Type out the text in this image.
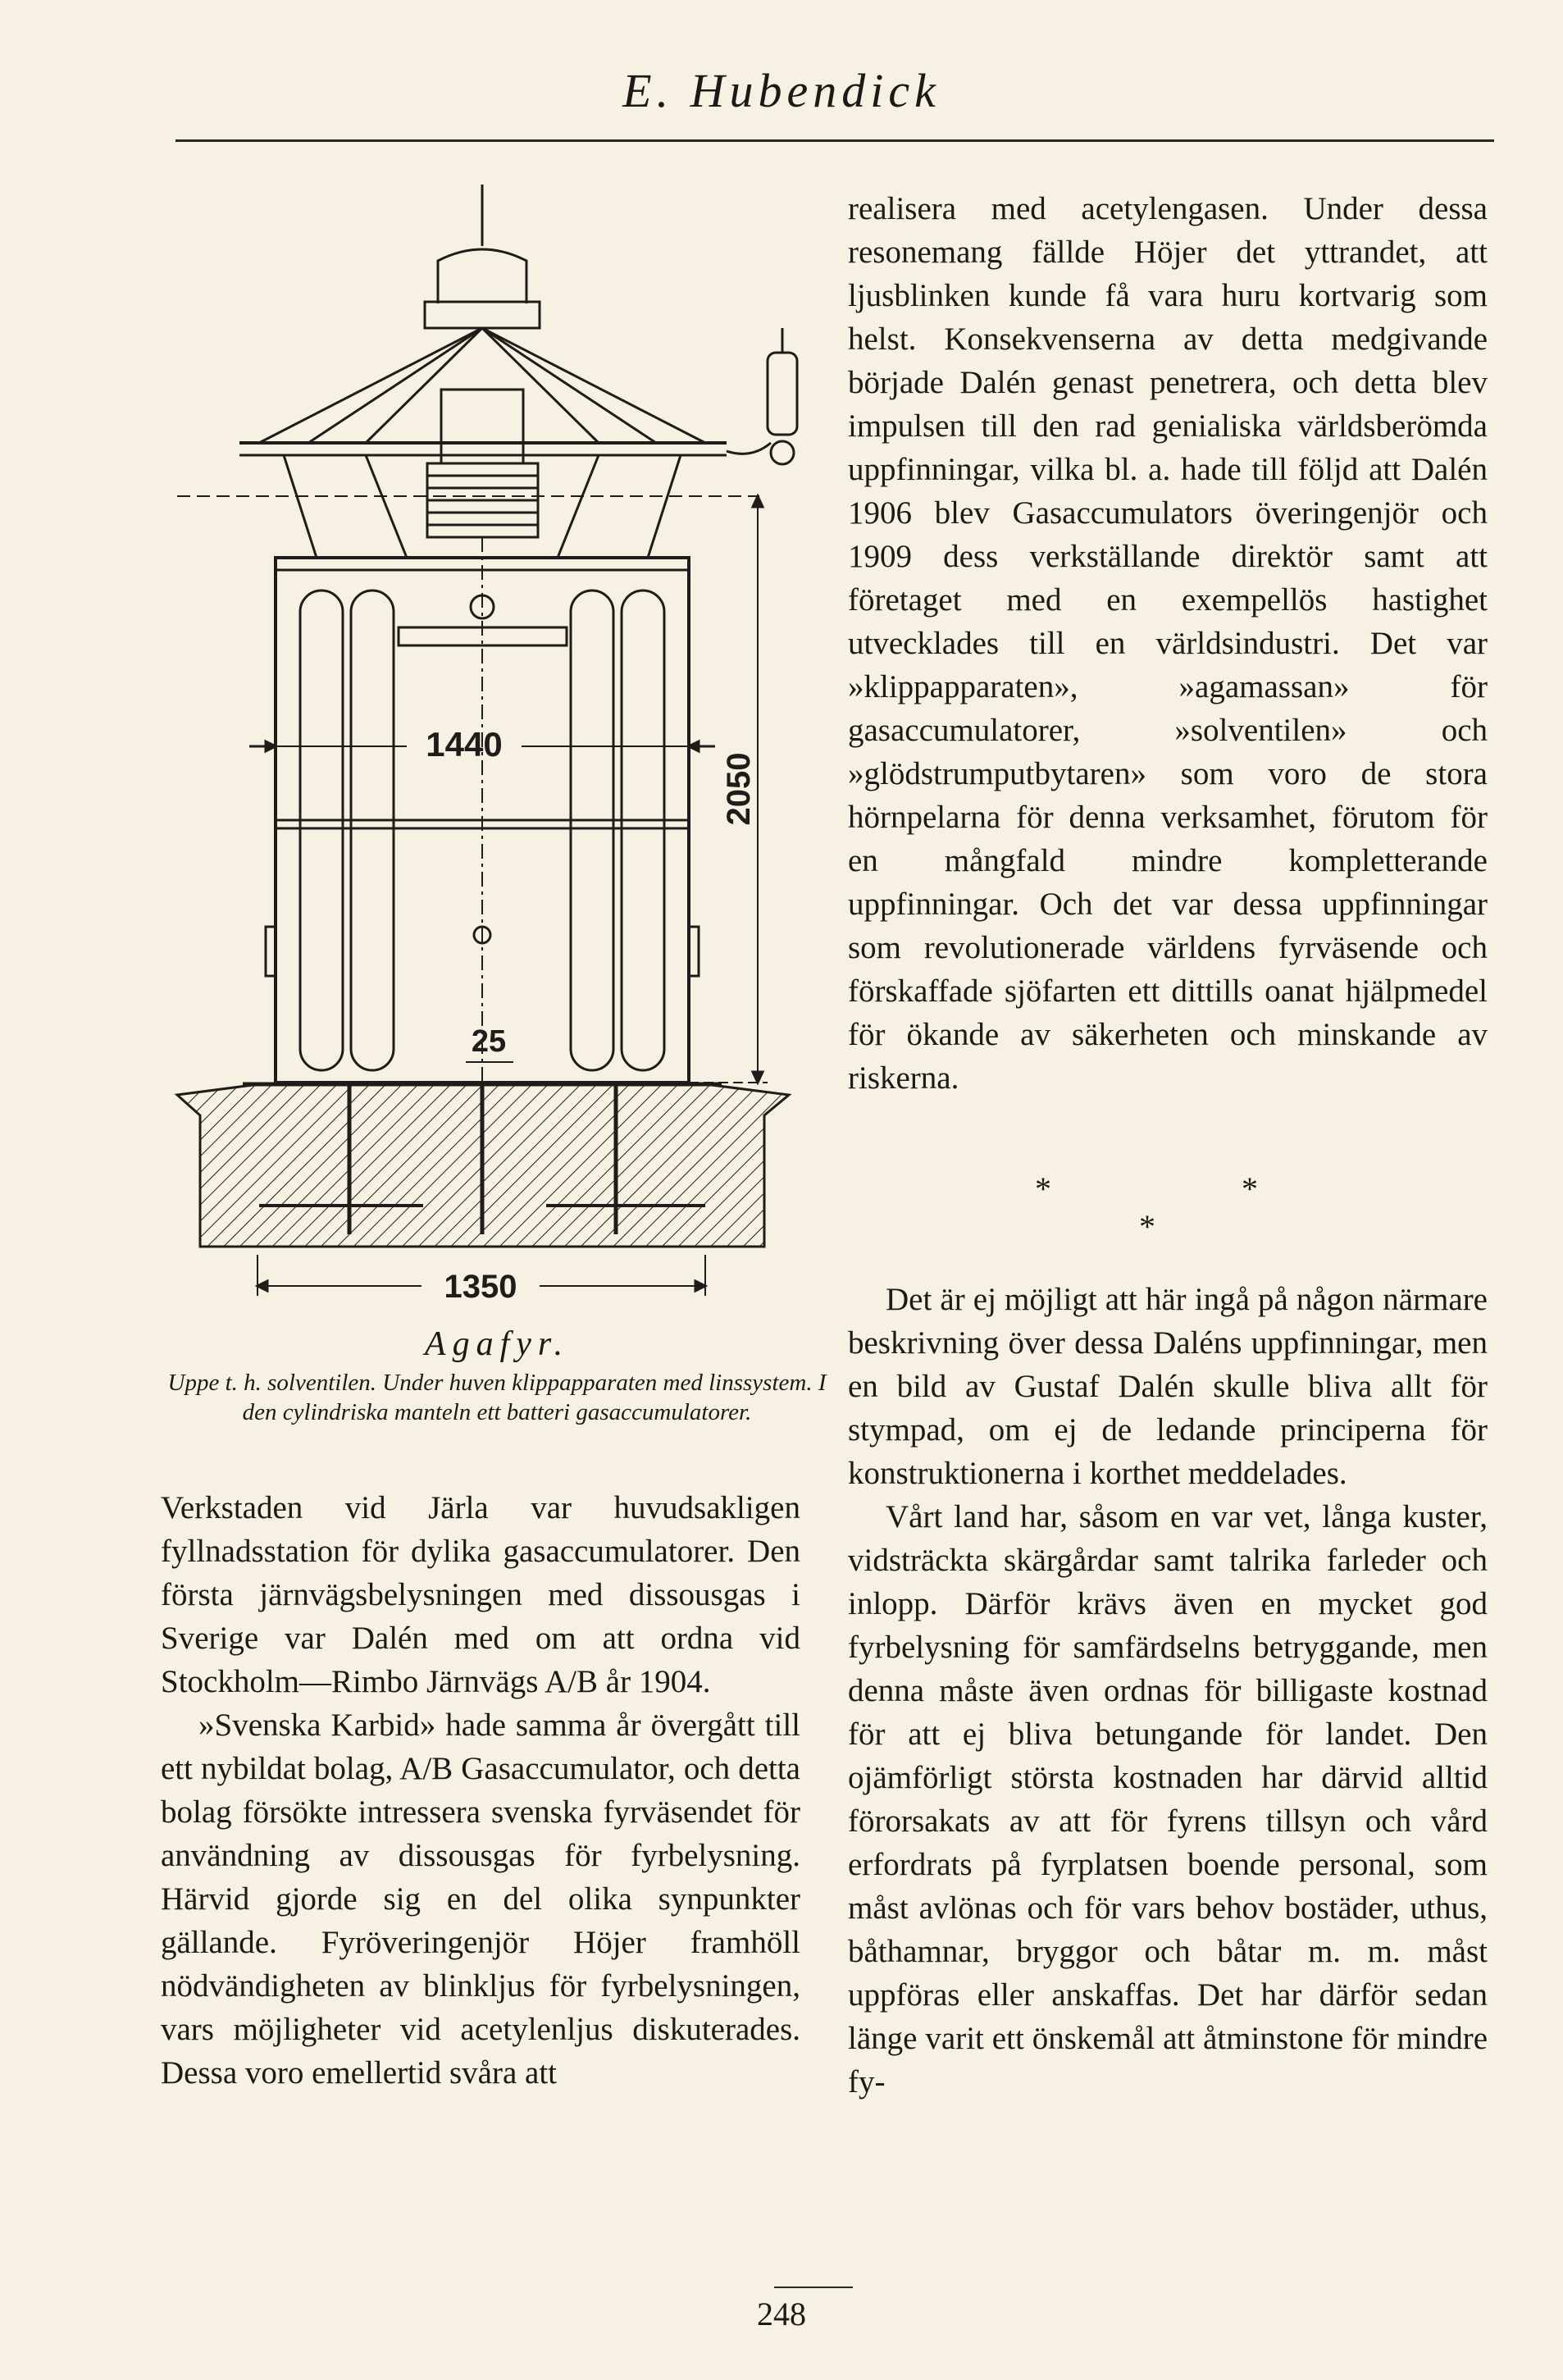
E. Hubendick
1440
25
2050
1350
Agafyr.
Uppe t. h. solventilen. Under huven klippapparaten med linssystem. I den cylindriska manteln ett batteri gasaccumulatorer.

realisera med acetylengasen. Under dessa resonemang fällde Höjer det yttrandet, att ljusblinken kunde få vara huru kortvarig som helst. Konsekvenserna av detta medgivande började Dalén genast penetrera, och detta blev impulsen till den rad genialiska världsberömda uppfinningar, vilka bl. a. hade till följd att Dalén 1906 blev Gasaccumulators överingenjör och 1909 dess verkställande direktör samt att företaget med en exempellös hastighet utvecklades till en världsindustri. Det var »klippapparaten», »agamassan» för gasaccumulatorer, »solventilen» och »glödstrumputbytaren» som voro de stora hörnpelarna för denna verksamhet, förutom för en mångfald mindre kompletterande uppfinningar. Och det var dessa uppfinningar som revolutionerade världens fyrväsende och förskaffade sjöfarten ett dittills oanat hjälpmedel för ökande av säkerheten och minskande av riskerna.

*	*
*

Det är ej möjligt att här ingå på någon närmare beskrivning över dessa Daléns uppfinningar, men en bild av Gustaf Dalén skulle bliva allt för stympad, om ej de ledande principerna för konstruktionerna i korthet meddelades.

Vårt land har, såsom en var vet, långa kuster, vidsträckta skärgårdar samt talrika farleder och inlopp. Därför krävs även en mycket god fyrbelysning för samfärdselns betryggande, men denna måste även ordnas för billigaste kostnad för att ej bliva betungande för landet. Den ojämförligt största kostnaden har därvid alltid förorsakats av att för fyrens tillsyn och vård erfordrats på fyrplatsen boende personal, som måst avlönas och för vars behov bostäder, uthus, båthamnar, bryggor och båtar m. m. måst uppföras eller anskaffas. Det har därför sedan länge varit ett önskemål att åtminstone för mindre fy-

Verkstaden vid Järla var huvudsakligen fyllnadsstation för dylika gasaccumulatorer. Den första järnvägsbelysningen med dissousgas i Sverige var Dalén med om att ordna vid Stockholm—Rimbo Järnvägs A/B år 1904.

»Svenska Karbid» hade samma år övergått till ett nybildat bolag, A/B Gasaccumulator, och detta bolag försökte intressera svenska fyrväsendet för användning av dissousgas för fyrbelysning. Härvid gjorde sig en del olika synpunkter gällande. Fyröveringenjör Höjer framhöll nödvändigheten av blinkljus för fyrbelysningen, vars möjligheter vid acetylenljus diskuterades. Dessa voro emellertid svåra att

248
